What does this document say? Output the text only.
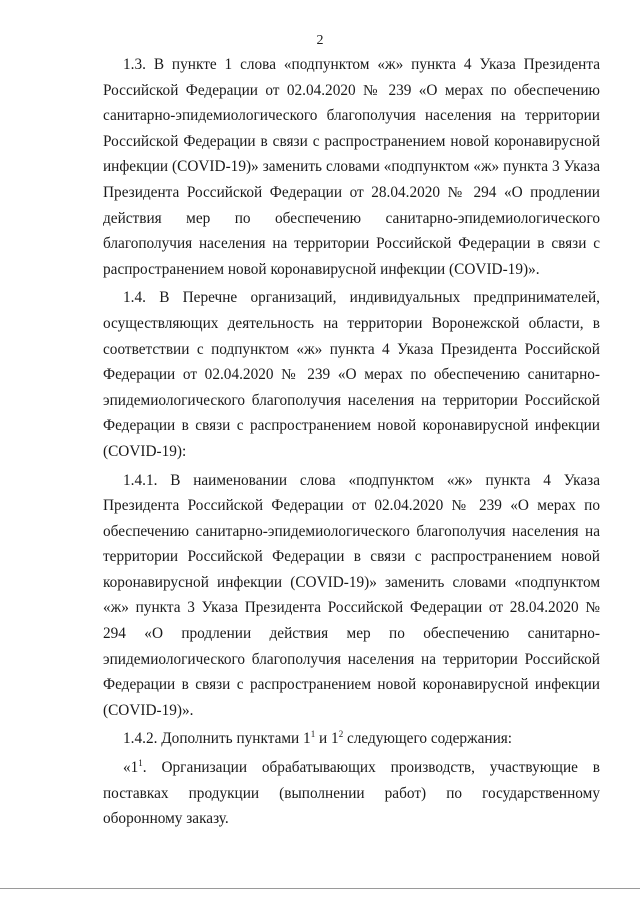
2

1.3. В пункте 1 слова «подпунктом «ж» пункта 4 Указа Президента Российской Федерации от 02.04.2020 № 239 «О мерах по обеспечению санитарно-эпидемиологического благополучия населения на территории Российской Федерации в связи с распространением новой коронавирусной инфекции (COVID-19)» заменить словами «подпунктом «ж» пункта 3 Указа Президента Российской Федерации от 28.04.2020 № 294 «О продлении действия мер по обеспечению санитарно-эпидемиологического благополучия населения на территории Российской Федерации в связи с распространением новой коронавирусной инфекции (COVID-19)».

1.4. В Перечне организаций, индивидуальных предпринимателей, осуществляющих деятельность на территории Воронежской области, в соответствии с подпунктом «ж» пункта 4 Указа Президента Российской Федерации от 02.04.2020 № 239 «О мерах по обеспечению санитарно-эпидемиологического благополучия населения на территории Российской Федерации в связи с распространением новой коронавирусной инфекции (COVID-19):

1.4.1. В наименовании слова «подпунктом «ж» пункта 4 Указа Президента Российской Федерации от 02.04.2020 № 239 «О мерах по обеспечению санитарно-эпидемиологического благополучия населения на территории Российской Федерации в связи с распространением новой коронавирусной инфекции (COVID-19)» заменить словами «подпунктом «ж» пункта 3 Указа Президента Российской Федерации от 28.04.2020 № 294 «О продлении действия мер по обеспечению санитарно-эпидемиологического благополучия населения на территории Российской Федерации в связи с распространением новой коронавирусной инфекции (COVID-19)».

1.4.2. Дополнить пунктами $1^1$ и $1^2$ следующего содержания:

«$1^1$. Организации обрабатывающих производств, участвующие в поставках продукции (выполнении работ) по государственному оборонному заказу.
